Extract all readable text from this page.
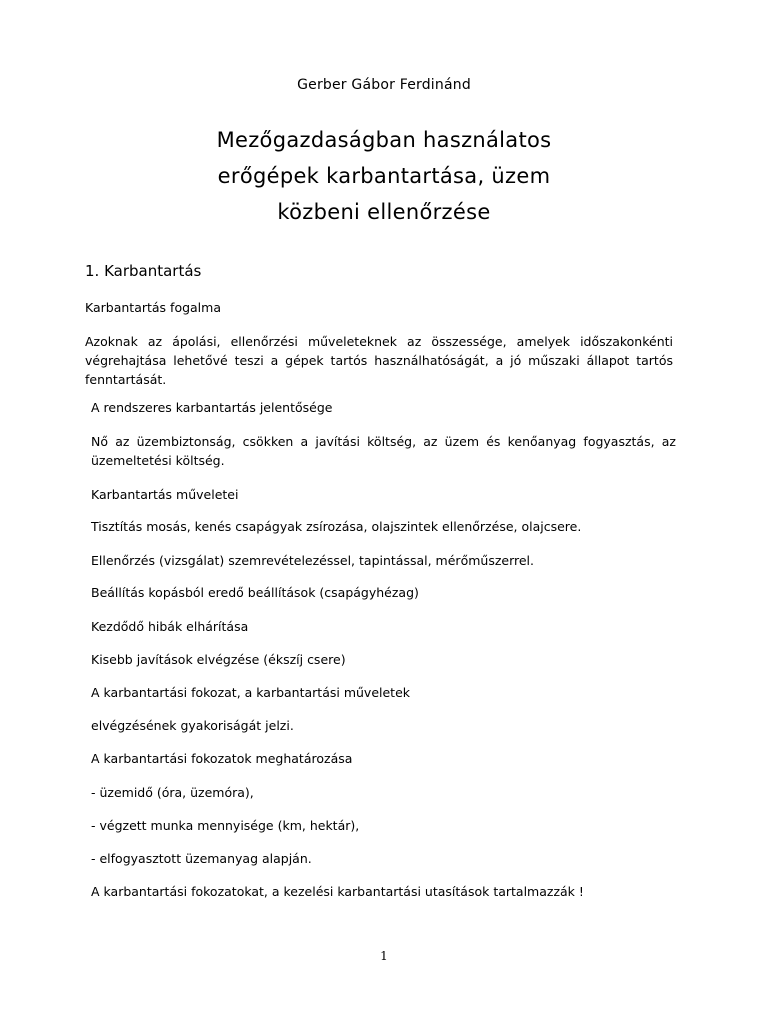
Gerber Gábor Ferdinánd
Mezőgazdaságban használatos
erőgépek karbantartása, üzem
közbeni ellenőrzése
1. Karbantartás
Karbantartás fogalma
Azoknak az ápolási, ellenőrzési műveleteknek az összessége, amelyek időszakonkénti végrehajtása lehetővé teszi a gépek tartós használhatóságát, a jó műszaki állapot tartós fenntartását.
A rendszeres karbantartás jelentősége
Nő az üzembiztonság, csökken a javítási költség, az üzem és kenőanyag fogyasztás, az üzemeltetési költség.
Karbantartás műveletei
Tisztítás mosás, kenés csapágyak zsírozása, olajszintek ellenőrzése, olajcsere.
Ellenőrzés (vizsgálat) szemrevételezéssel, tapintással, mérőműszerrel.
Beállítás kopásból eredő beállítások (csapágyhézag)
Kezdődő hibák elhárítása
Kisebb javítások elvégzése (ékszíj csere)
A karbantartási fokozat, a karbantartási műveletek
elvégzésének gyakoriságát jelzi.
A karbantartási fokozatok meghatározása
- üzemidő (óra, üzemóra),
- végzett munka mennyisége (km, hektár),
- elfogyasztott üzemanyag alapján.
A karbantartási fokozatokat, a kezelési karbantartási utasítások tartalmazzák !
1
